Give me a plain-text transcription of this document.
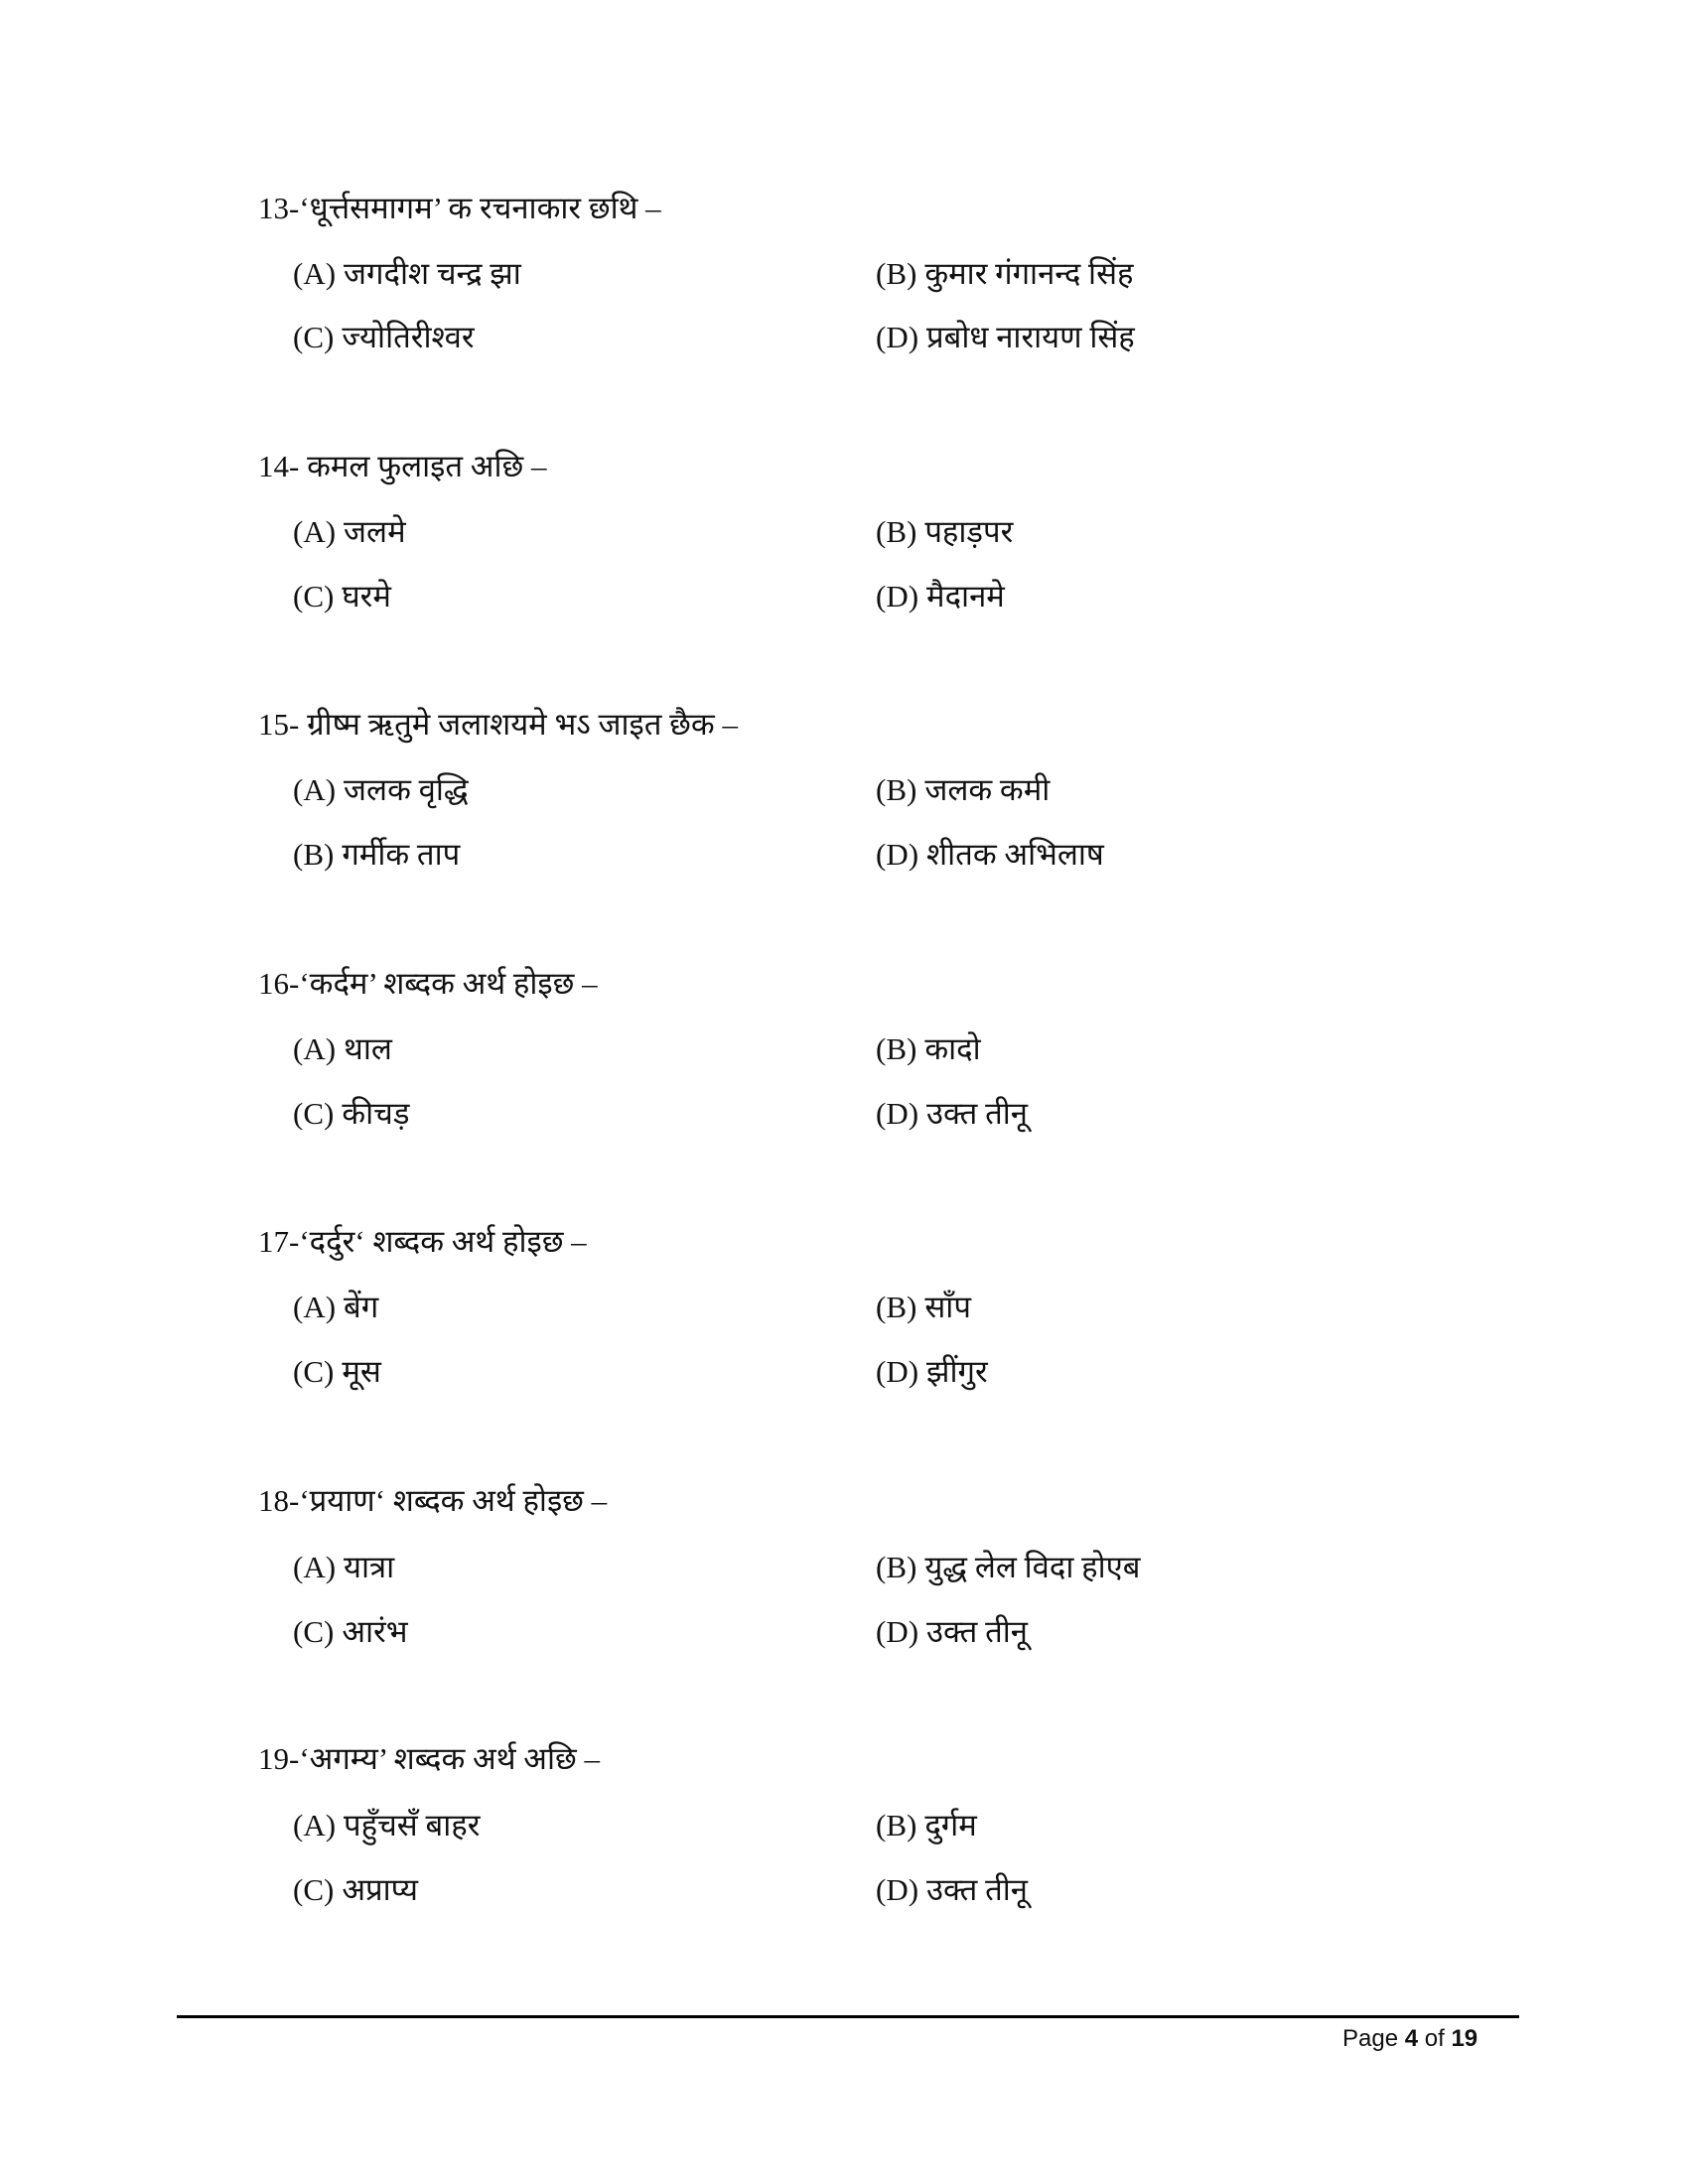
13-‘धूर्त्तसमागम’ क रचनाकार छथि –
(A) जगदीश चन्द्र झा	(B) कुमार गंगानन्द सिंह
(C) ज्योतिरीश्वर	(D) प्रबोध नारायण सिंह
14- कमल फुलाइत अछि –
(A) जलमे	(B) पहाड़पर
(C) घरमे	(D) मैदानमे
15- ग्रीष्म ऋतुमे जलाशयमे भऽ जाइत छैक –
(A) जलक वृद्धि	(B) जलक कमी
(B) गर्मीक ताप	(D) शीतक अभिलाष
16-‘कर्दम’ शब्दक अर्थ होइछ –
(A) थाल	(B) कादो
(C) कीचड़	(D) उक्त तीनू
17-‘दर्दुर‘ शब्दक अर्थ होइछ –
(A) बेंग	(B) साँप
(C) मूस	(D) झींगुर
18-‘प्रयाण‘ शब्दक अर्थ होइछ –
(A) यात्रा	(B) युद्ध लेल विदा होएब
(C) आरंभ	(D) उक्त तीनू
19-‘अगम्य’ शब्दक अर्थ अछि –
(A) पहुँचसँ बाहर	(B) दुर्गम
(C) अप्राप्य	(D) उक्त तीनू
Page 4 of 19
